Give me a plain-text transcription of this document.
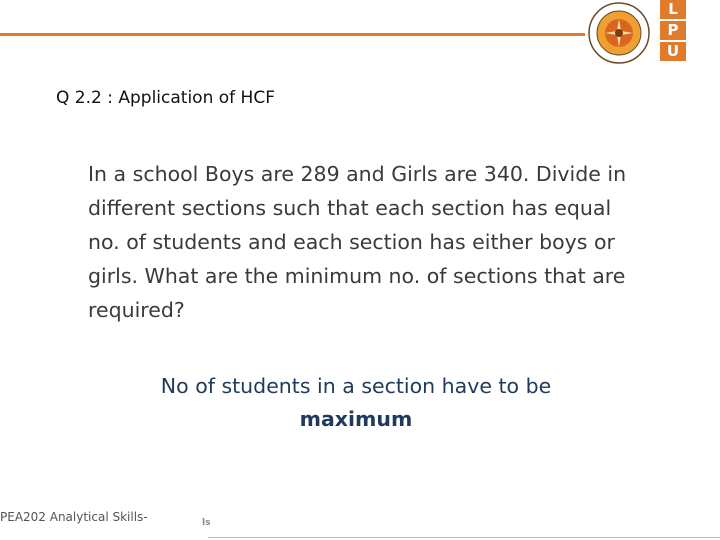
L
P
U
Q 2.2 : Application of HCF
In a school Boys are 289 and Girls are 340. Divide in different sections such that each section has equal no. of students and each section has either boys or girls. What are the minimum no. of sections that are required?
No of students in a section have to be
maximum
PEA202 Analytical Skills-	ls
